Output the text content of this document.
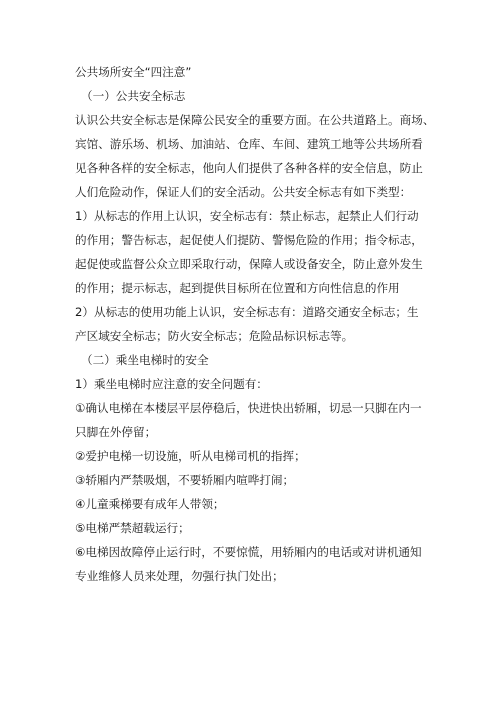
公共场所安全“四注意”

（一）公共安全标志

认识公共安全标志是保障公民安全的重要方面。在公共道路上。商场、

宾馆、游乐场、机场、加油站、仓库、车间、建筑工地等公共场所看

见各种各样的安全标志，他向人们提供了各种各样的安全信息，防止

人们危险动作，保证人们的安全活动。公共安全标志有如下类型：

1）从标志的作用上认识，安全标志有：禁止标志，起禁止人们行动

的作用；警告标志，起促使人们提防、警惕危险的作用；指令标志，

起促使或监督公众立即采取行动，保障人或设备安全，防止意外发生

的作用；提示标志，起到提供目标所在位置和方向性信息的作用

2）从标志的使用功能上认识，安全标志有：道路交通安全标志；生

产区域安全标志；防火安全标志；危险品标识标志等。

（二）乘坐电梯时的安全

1）乘坐电梯时应注意的安全问题有：

①确认电梯在本楼层平层停稳后，快进快出轿厢，切忌一只脚在内一

只脚在外停留；

②爱护电梯一切设施，听从电梯司机的指挥；

③轿厢内严禁吸烟，不要轿厢内喧哗打闹；

④儿童乘梯要有成年人带领；

⑤电梯严禁超载运行；

⑥电梯因故障停止运行时，不要惊慌，用轿厢内的电话或对讲机通知

专业维修人员来处理，勿强行执门处出；
